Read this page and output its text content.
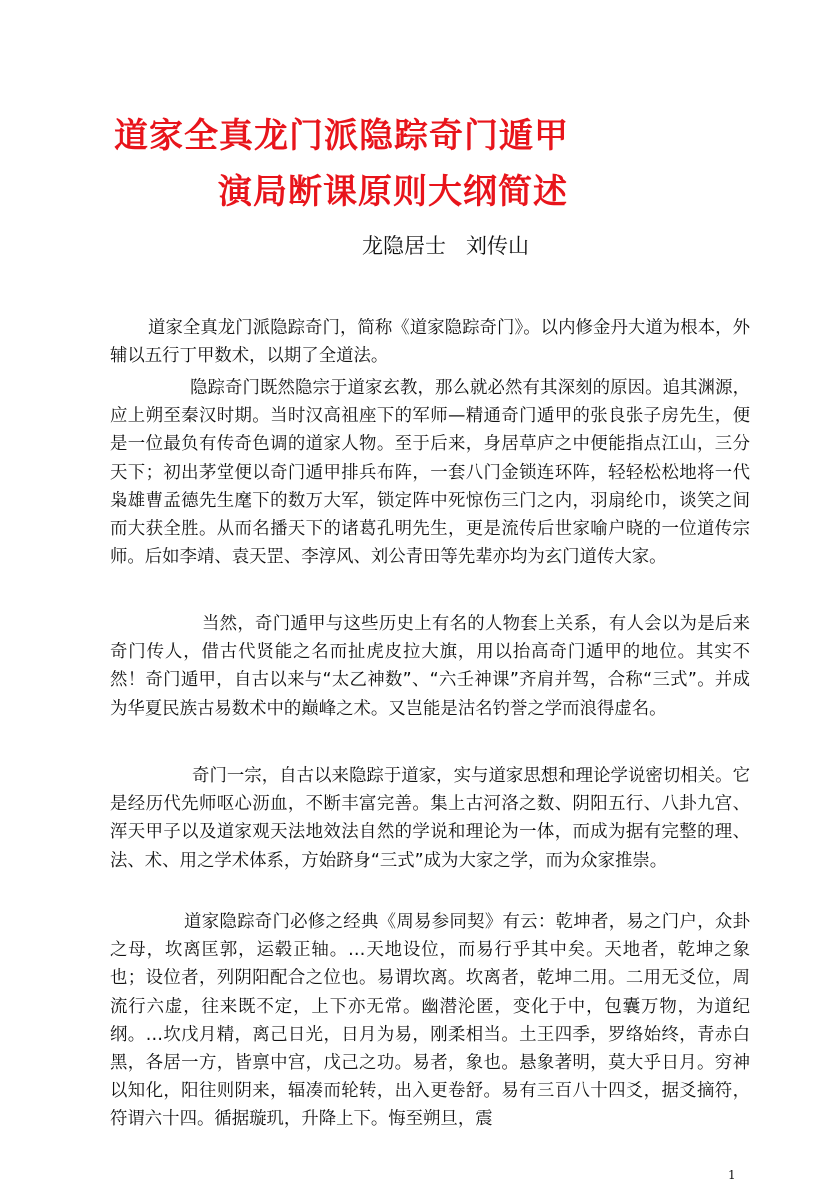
道家全真龙门派隐踪奇门遁甲
演局断课原则大纲简述
龙隐居士 刘传山

道家全真龙门派隐踪奇门，简称《道家隐踪奇门》。以内修金丹大道为根本，外辅以五行丁甲数术，以期了全道法。

隐踪奇门既然隐宗于道家玄教，那么就必然有其深刻的原因。追其渊源，应上朔至秦汉时期。当时汉高祖座下的军师—精通奇门遁甲的张良张子房先生，便是一位最负有传奇色调的道家人物。至于后来，身居草庐之中便能指点江山，三分天下；初出茅堂便以奇门遁甲排兵布阵，一套八门金锁连环阵，轻轻松松地将一代枭雄曹孟德先生麾下的数万大军，锁定阵中死惊伤三门之内，羽扇纶巾，谈笑之间而大获全胜。从而名播天下的诸葛孔明先生，更是流传后世家喻户晓的一位道传宗师。后如李靖、袁天罡、李淳风、刘公青田等先辈亦均为玄门道传大家。

当然，奇门遁甲与这些历史上有名的人物套上关系，有人会以为是后来奇门传人，借古代贤能之名而扯虎皮拉大旗，用以抬高奇门遁甲的地位。其实不然！奇门遁甲，自古以来与“太乙神数”、“六壬神课”齐肩并驾，合称“三式”。并成为华夏民族古易数术中的巅峰之术。又岂能是沽名钓誉之学而浪得虚名。

奇门一宗，自古以来隐踪于道家，实与道家思想和理论学说密切相关。它是经历代先师呕心沥血，不断丰富完善。集上古河洛之数、阴阳五行、八卦九宫、浑天甲子以及道家观天法地效法自然的学说和理论为一体，而成为据有完整的理、法、术、用之学术体系，方始跻身“三式”成为大家之学，而为众家推崇。

道家隐踪奇门必修之经典《周易参同契》有云：乾坤者，易之门户，众卦之母，坎离匡郭，运毂正轴。…天地设位，而易行乎其中矣。天地者，乾坤之象也；设位者，列阴阳配合之位也。易谓坎离。坎离者，乾坤二用。二用无爻位，周流行六虚，往来既不定，上下亦无常。幽潜沦匿，变化于中，包囊万物，为道纪纲。…坎戊月精，离己日光，日月为易，刚柔相当。土王四季，罗络始终，青赤白黑，各居一方，皆禀中宫，戊己之功。易者，象也。悬象著明，莫大乎日月。穷神以知化，阳往则阴来，辐凑而轮转，出入更卷舒。易有三百八十四爻，据爻摘符，符谓六十四。循据璇玑，升降上下。悔至朔旦，震

1
